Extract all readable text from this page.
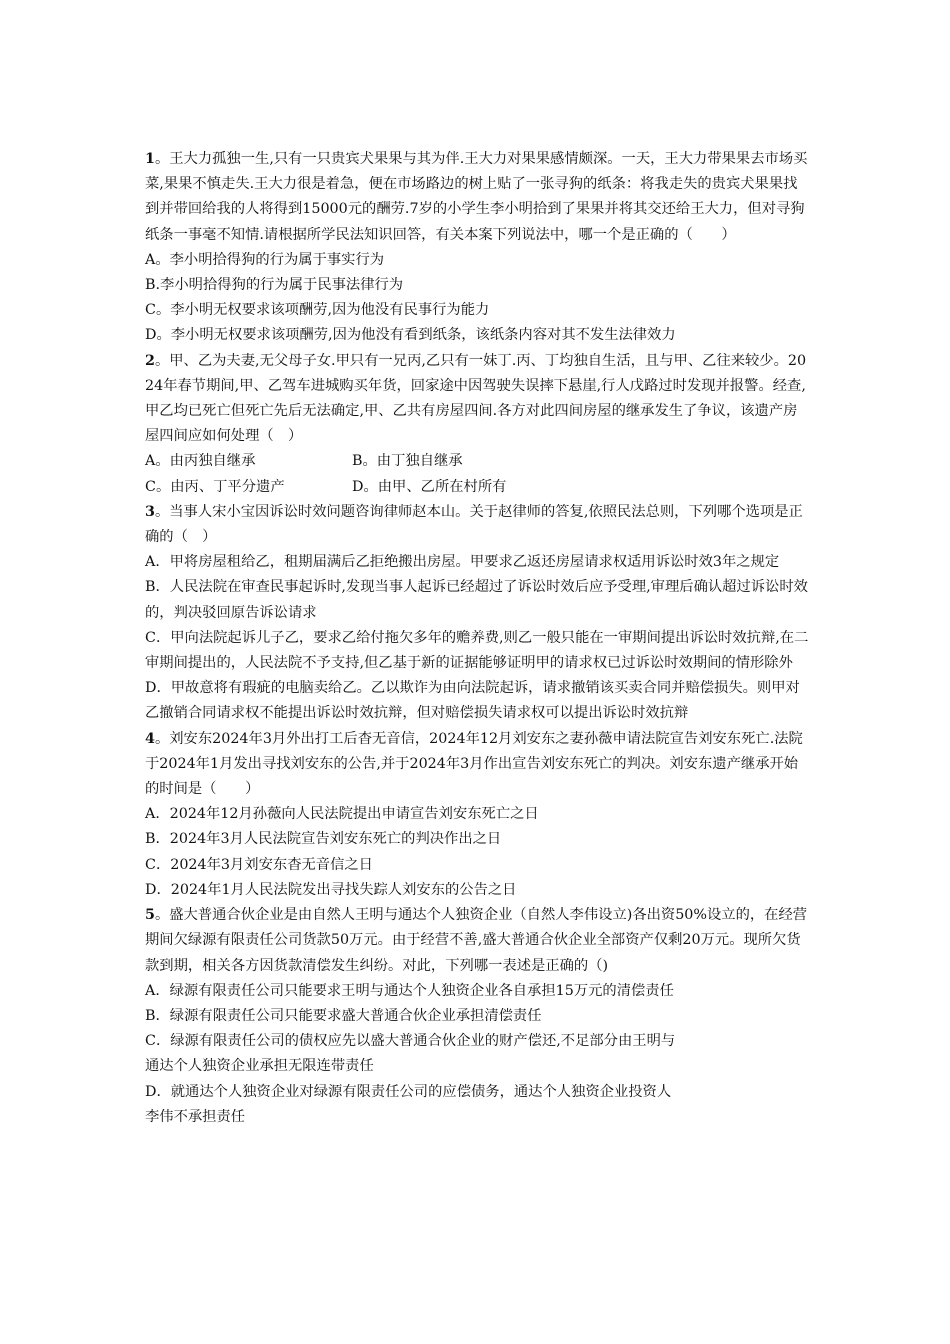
1。王大力孤独一生,只有一只贵宾犬果果与其为伴.王大力对果果感情颇深。一天，王大力带果果去市场买菜,果果不慎走失.王大力很是着急，便在市场路边的树上贴了一张寻狗的纸条：将我走失的贵宾犬果果找到并带回给我的人将得到15000元的酬劳.7岁的小学生李小明拾到了果果并将其交还给王大力，但对寻狗纸条一事毫不知情.请根据所学民法知识回答，有关本案下列说法中，哪一个是正确的（　　）

A。李小明拾得狗的行为属于事实行为

B.李小明拾得狗的行为属于民事法律行为

C。李小明无权要求该项酬劳,因为他没有民事行为能力

D。李小明无权要求该项酬劳,因为他没有看到纸条，该纸条内容对其不发生法律效力

2。甲、乙为夫妻,无父母子女.甲只有一兄丙,乙只有一妹丁.丙、丁均独自生活，且与甲、乙往来较少。2024年春节期间,甲、乙驾车进城购买年货，回家途中因驾驶失误摔下悬崖,行人戊路过时发现并报警。经查,甲乙均已死亡但死亡先后无法确定,甲、乙共有房屋四间.各方对此四间房屋的继承发生了争议，该遗产房屋四间应如何处理（　）

A。由丙独自继承	B。由丁独自继承
C。由丙、丁平分遗产	D。由甲、乙所在村所有

3。当事人宋小宝因诉讼时效问题咨询律师赵本山。关于赵律师的答复,依照民法总则，下列哪个选项是正确的（　）

A．甲将房屋租给乙，租期届满后乙拒绝搬出房屋。甲要求乙返还房屋请求权适用诉讼时效3年之规定

B．人民法院在审查民事起诉时,发现当事人起诉已经超过了诉讼时效后应予受理,审理后确认超过诉讼时效的，判决驳回原告诉讼请求

C．甲向法院起诉儿子乙，要求乙给付拖欠多年的赡养费,则乙一般只能在一审期间提出诉讼时效抗辩,在二审期间提出的，人民法院不予支持,但乙基于新的证据能够证明甲的请求权已过诉讼时效期间的情形除外

D．甲故意将有瑕疵的电脑卖给乙。乙以欺诈为由向法院起诉，请求撤销该买卖合同并赔偿损失。则甲对乙撤销合同请求权不能提出诉讼时效抗辩，但对赔偿损失请求权可以提出诉讼时效抗辩

4。刘安东2024年3月外出打工后杳无音信，2024年12月刘安东之妻孙薇申请法院宣告刘安东死亡.法院于2024年1月发出寻找刘安东的公告,并于2024年3月作出宣告刘安东死亡的判决。刘安东遗产继承开始的时间是（　　）

A．2024年12月孙薇向人民法院提出申请宣告刘安东死亡之日

B．2024年3月人民法院宣告刘安东死亡的判决作出之日

C．2024年3月刘安东杳无音信之日

D．2024年1月人民法院发出寻找失踪人刘安东的公告之日

5。盛大普通合伙企业是由自然人王明与通达个人独资企业（自然人李伟设立)各出资50%设立的，在经营期间欠绿源有限责任公司货款50万元。由于经营不善,盛大普通合伙企业全部资产仅剩20万元。现所欠货款到期，相关各方因货款清偿发生纠纷。对此，下列哪一表述是正确的（)

A．绿源有限责任公司只能要求王明与通达个人独资企业各自承担15万元的清偿责任

B．绿源有限责任公司只能要求盛大普通合伙企业承担清偿责任

C．绿源有限责任公司的债权应先以盛大普通合伙企业的财产偿还,不足部分由王明与
通达个人独资企业承担无限连带责任

D．就通达个人独资企业对绿源有限责任公司的应偿债务，通达个人独资企业投资人
李伟不承担责任
